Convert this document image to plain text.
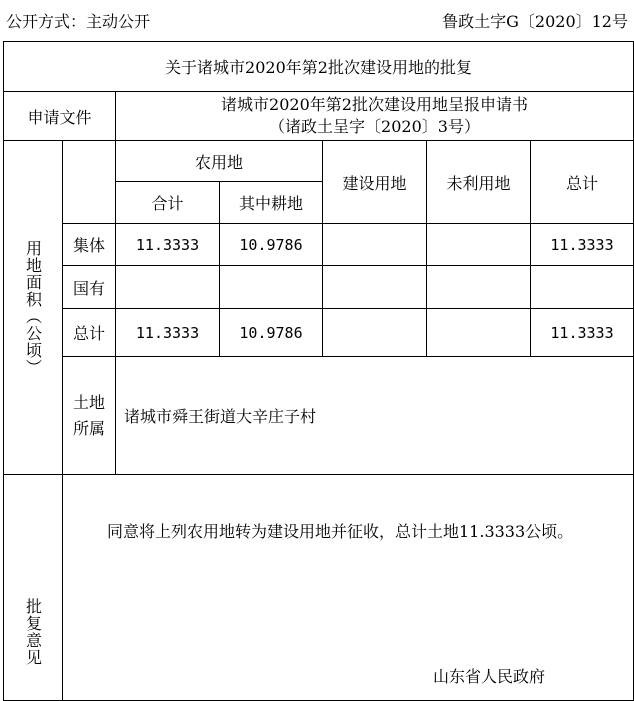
公开方式：主动公开	鲁政土字G〔2020〕12号
关于诸城市2020年第2批次建设用地的批复						
申请文件		诸城市2020年第2批次建设用地呈报申请书
（诸政土呈字〔2020〕3号）				

用地面积（公顷）		农用地		建设用地	未利用地	总计
		合计	其中耕地			
	集体	11.3333	10.9786			11.3333
	国有					
	总计	11.3333	10.9786			11.3333

	土地所属	诸城市舜王街道大辛庄子村				

批复意见	同意将上列农用地转为建设用地并征收，总计土地11.3333公顷。
山东省人民政府					
